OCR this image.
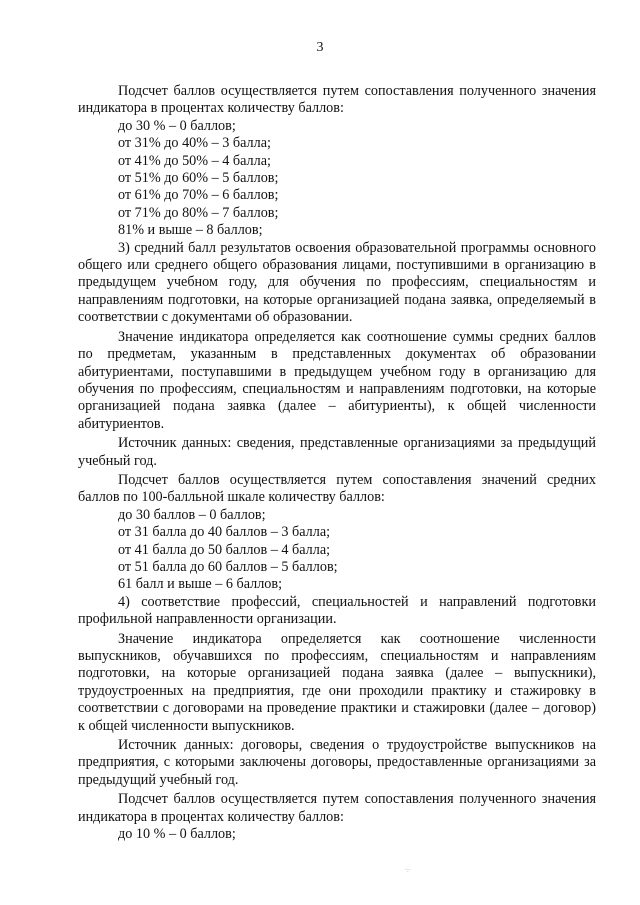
3

Подсчет баллов осуществляется путем сопоставления полученного значения индикатора в процентах количеству баллов:

до 30 % – 0 баллов;
от 31% до 40% – 3 балла;
от 41% до 50% – 4 балла;
от 51% до 60% – 5 баллов;
от 61% до 70% – 6 баллов;
от 71% до 80% – 7 баллов;
81% и выше – 8 баллов;

3) средний балл результатов освоения образовательной программы основного общего или среднего общего образования лицами, поступившими в организацию в предыдущем учебном году, для обучения по профессиям, специальностям и направлениям подготовки, на которые организацией подана заявка, определяемый в соответствии с документами об образовании.

Значение индикатора определяется как соотношение суммы средних баллов по предметам, указанным в представленных документах об образовании абитуриентами, поступавшими в предыдущем учебном году в организацию для обучения по профессиям, специальностям и направлениям подготовки, на которые организацией подана заявка (далее – абитуриенты), к общей численности абитуриентов.

Источник данных: сведения, представленные организациями за предыдущий учебный год.

Подсчет баллов осуществляется путем сопоставления значений средних баллов по 100-балльной шкале количеству баллов:

до 30 баллов – 0 баллов;
от 31 балла до 40 баллов – 3 балла;
от 41 балла до 50 баллов – 4 балла;
от 51 балла до 60 баллов – 5 баллов;
61 балл и выше – 6 баллов;

4) соответствие профессий, специальностей и направлений подготовки профильной направленности организации.

Значение индикатора определяется как соотношение численности выпускников, обучавшихся по профессиям, специальностям и направлениям подготовки, на которые организацией подана заявка (далее – выпускники), трудоустроенных на предприятия, где они проходили практику и стажировку в соответствии с договорами на проведение практики и стажировки (далее – договор) к общей численности выпускников.

Источник данных: договоры, сведения о трудоустройстве выпускников на предприятия, с которыми заключены договоры, предоставленные организациями за предыдущий учебный год.

Подсчет баллов осуществляется путем сопоставления полученного значения индикатора в процентах количеству баллов:

до 10 % – 0 баллов;
·:·
